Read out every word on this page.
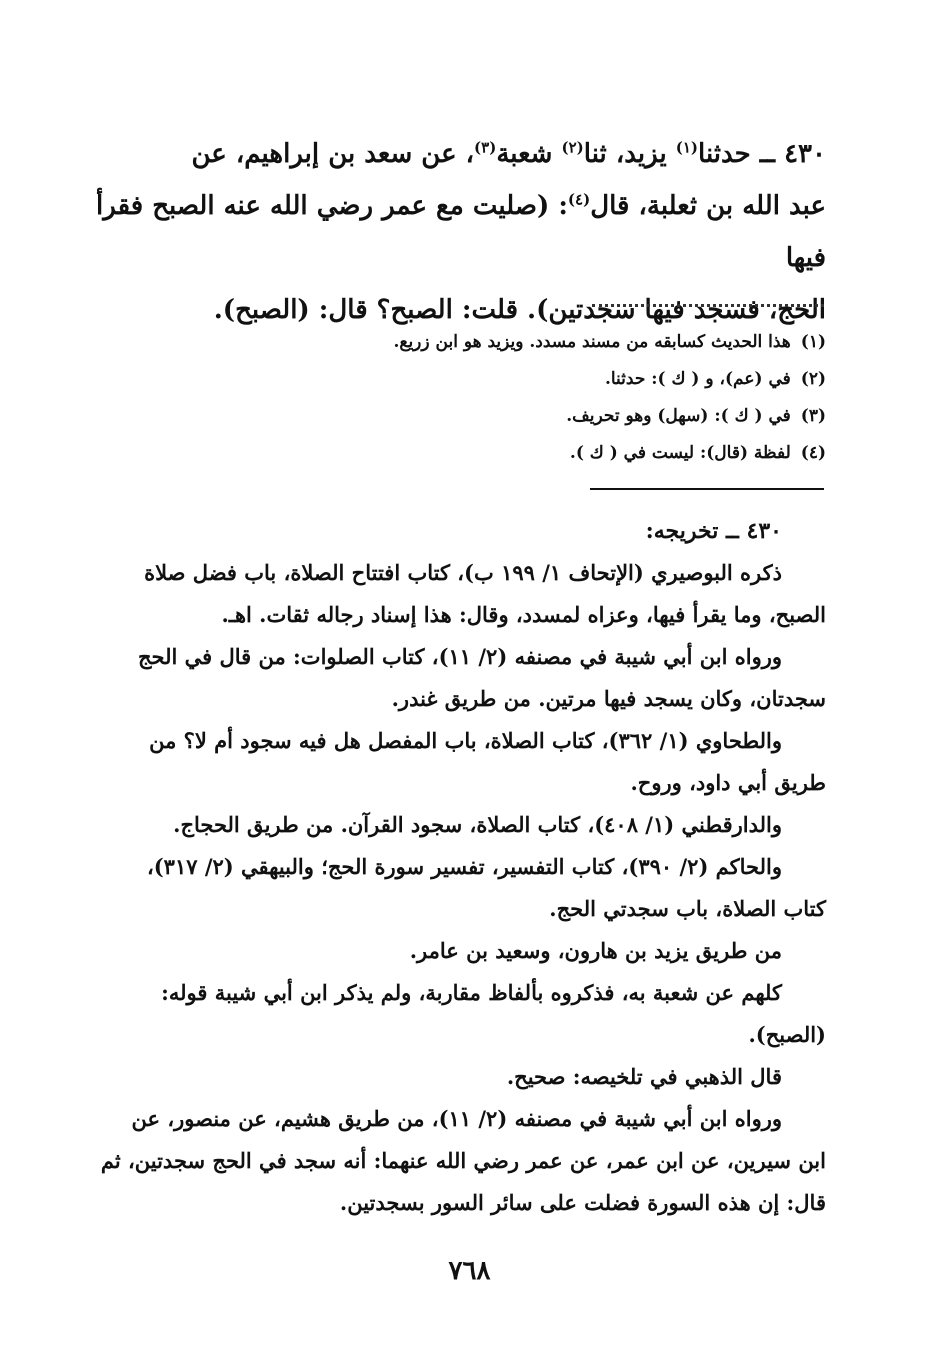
٤٣٠ ــ حدثنا$^{(١)}$ يزيد، ثنا$^{(٢)}$ شعبة$^{(٣)}$، عن سعد بن إبراهيم، عن

عبد الله بن ثعلبة، قال$^{(٤)}$: (صليت مع عمر رضي الله عنه الصبح فقرأ فيها

الحج، فسجد فيها سجدتين). قلت: الصبح؟ قال: (الصبح).

(١)هذا الحديث كسابقه من مسند مسدد. ويزيد هو ابن زريع.
(٢)في (عم)، و ( ك ): حدثنا.
(٣)في ( ك ): (سهل) وهو تحريف.
(٤)لفظة (قال): ليست في ( ك ).

٤٣٠ ــ تخريجه:

ذكره البوصيري (الإتحاف ١/ ١٩٩ ب)، كتاب افتتاح الصلاة، باب فضل صلاة

الصبح، وما يقرأ فيها، وعزاه لمسدد، وقال: هذا إسناد رجاله ثقات. اهـ.

ورواه ابن أبي شيبة في مصنفه (٢/ ١١)، كتاب الصلوات: من قال في الحج

سجدتان، وكان يسجد فيها مرتين. من طريق غندر.

والطحاوي (١/ ٣٦٢)، كتاب الصلاة، باب المفصل هل فيه سجود أم لا؟ من

طريق أبي داود، وروح.

والدارقطني (١/ ٤٠٨)، كتاب الصلاة، سجود القرآن. من طريق الحجاج.

والحاكم (٢/ ٣٩٠)، كتاب التفسير، تفسير سورة الحج؛ والبيهقي (٢/ ٣١٧)،

كتاب الصلاة، باب سجدتي الحج.

من طريق يزيد بن هارون، وسعيد بن عامر.

كلهم عن شعبة به، فذكروه بألفاظ مقاربة، ولم يذكر ابن أبي شيبة قوله:

(الصبح).

قال الذهبي في تلخيصه: صحيح.

ورواه ابن أبي شيبة في مصنفه (٢/ ١١)، من طريق هشيم، عن منصور، عن

ابن سيرين، عن ابن عمر، عن عمر رضي الله عنهما: أنه سجد في الحج سجدتين، ثم

قال: إن هذه السورة فضلت على سائر السور بسجدتين.

٧٦٨
